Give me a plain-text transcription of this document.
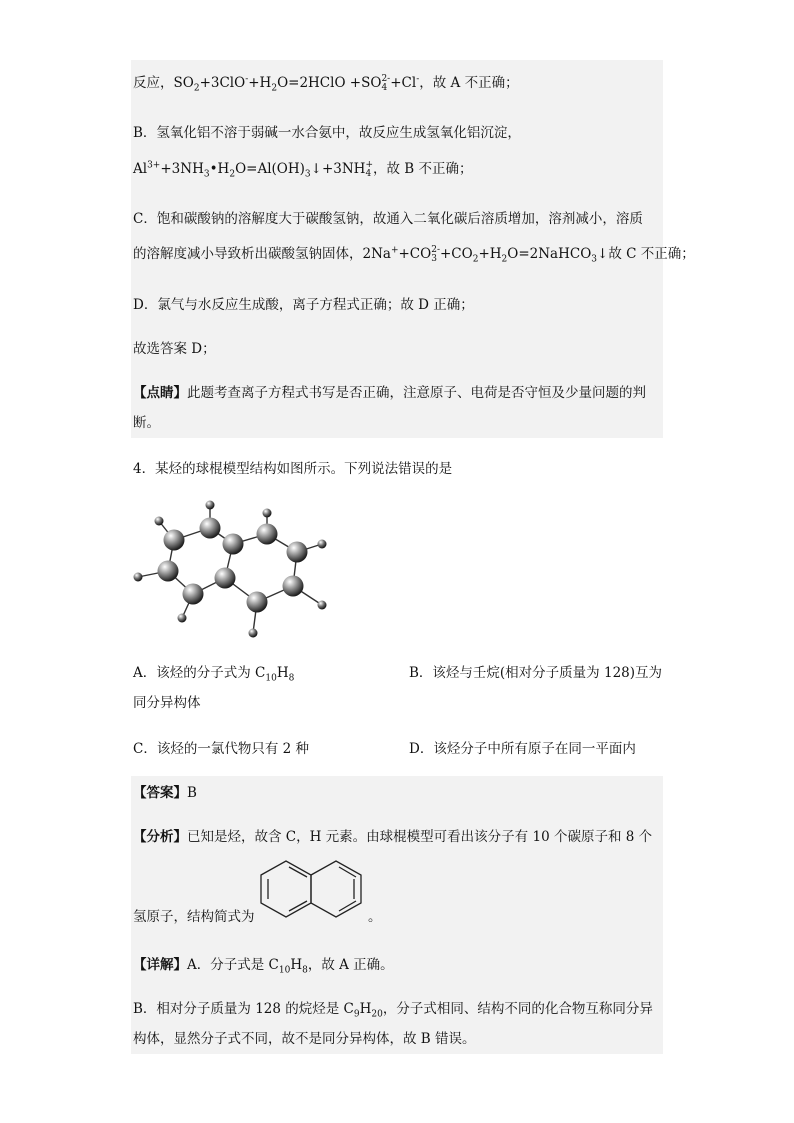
反应，$SO_2+3ClO^-+H_2O=2HClO +SO$ 2-
4 +Cl-，故 A 不正确；
B．氢氧化铝不溶于弱碱一水合氨中，故反应生成氢氧化铝沉淀，
$Al^{3+}+3NH_3•H_2O=Al(OH)_3↓+3NH$ +
4 ，故 B 不正确；
C．饱和碳酸钠的溶解度大于碳酸氢钠，故通入二氧化碳后溶质增加，溶剂减小，溶质
的溶解度减小导致析出碳酸氢钠固体，2Na++CO 2-
$3 +CO_2+H_2O=2NaHCO_3↓$故 C 不正确；
D．氯气与水反应生成酸，离子方程式正确；故 D 正确；
故选答案 D；
【点睛】此题考查离子方程式书写是否正确，注意原子、电荷是否守恒及少量问题的判
断。
4．某烃的球棍模型结构如图所示。下列说法错误的是
A．该烃的分子式为 $C_{10}H_8$	B．该烃与壬烷(相对分子质量为 128)互为
同分异构体
C．该烃的一氯代物只有 2 种	D．该烃分子中所有原子在同一平面内
【答案】B
【分析】已知是烃，故含 C，H 元素。由球棍模型可看出该分子有 10 个碳原子和 8 个
氢原子，结构简式为	。
【详解】A．分子式是 $C_{10}H_8$，故 A 正确。
B．相对分子质量为 128 的烷烃是 $C_9H_{20}$，分子式相同、结构不同的化合物互称同分异
构体，显然分子式不同，故不是同分异构体，故 B 错误。
